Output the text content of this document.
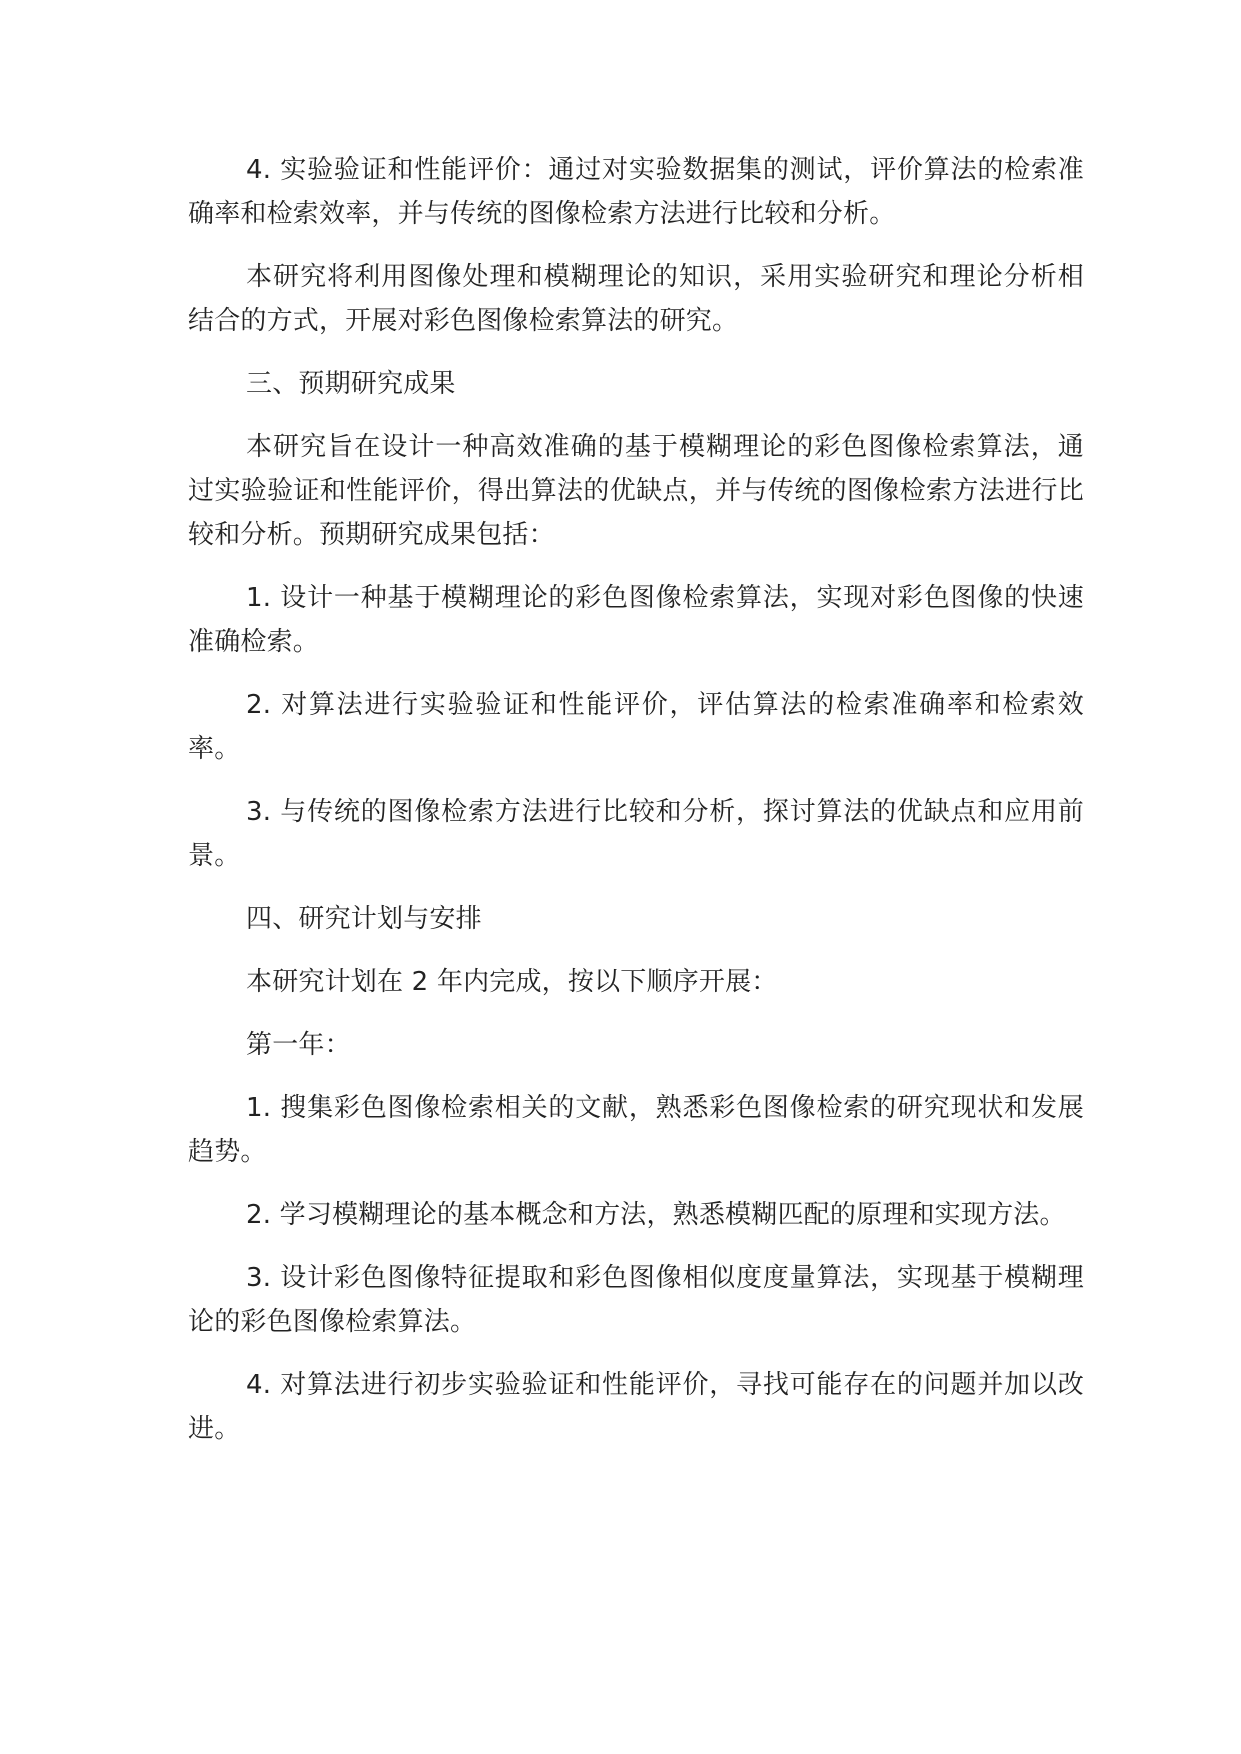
4. 实验验证和性能评价：通过对实验数据集的测试，评价算法的检索准确率和检索效率，并与传统的图像检索方法进行比较和分析。

本研究将利用图像处理和模糊理论的知识，采用实验研究和理论分析相结合的方式，开展对彩色图像检索算法的研究。

三、预期研究成果

本研究旨在设计一种高效准确的基于模糊理论的彩色图像检索算法，通过实验验证和性能评价，得出算法的优缺点，并与传统的图像检索方法进行比较和分析。预期研究成果包括：

1. 设计一种基于模糊理论的彩色图像检索算法，实现对彩色图像的快速准确检索。

2. 对算法进行实验验证和性能评价，评估算法的检索准确率和检索效率。

3. 与传统的图像检索方法进行比较和分析，探讨算法的优缺点和应用前景。

四、研究计划与安排

本研究计划在 2 年内完成，按以下顺序开展：

第一年：

1. 搜集彩色图像检索相关的文献，熟悉彩色图像检索的研究现状和发展趋势。

2. 学习模糊理论的基本概念和方法，熟悉模糊匹配的原理和实现方法。

3. 设计彩色图像特征提取和彩色图像相似度度量算法，实现基于模糊理论的彩色图像检索算法。

4. 对算法进行初步实验验证和性能评价，寻找可能存在的问题并加以改进。
